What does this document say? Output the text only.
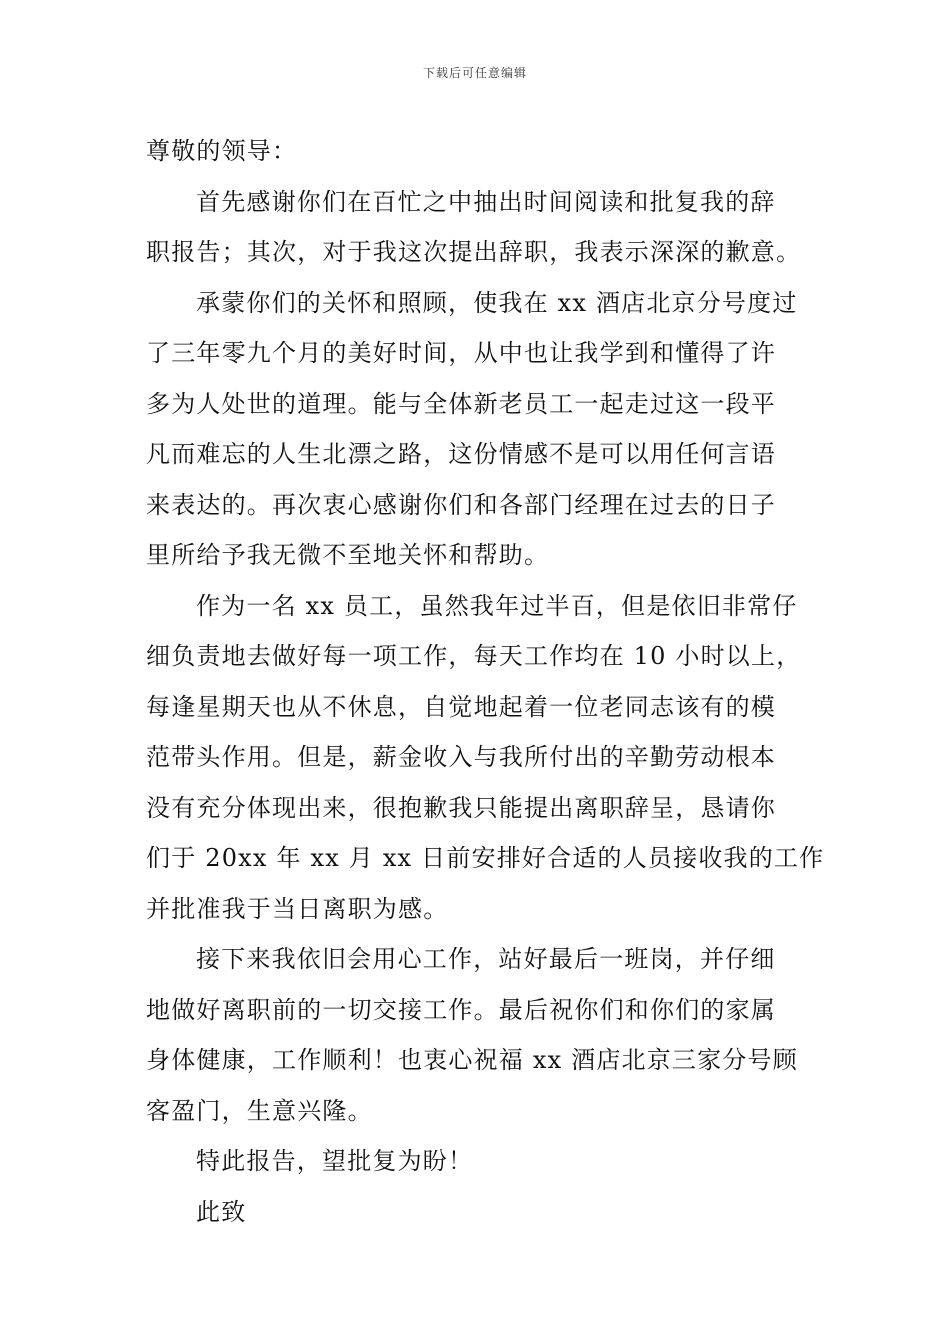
下载后可任意编辑
尊敬的领导：
首先感谢你们在百忙之中抽出时间阅读和批复我的辞
职报告；其次，对于我这次提出辞职，我表示深深的歉意。
承蒙你们的关怀和照顾，使我在 xx 酒店北京分号度过
了三年零九个月的美好时间，从中也让我学到和懂得了许
多为人处世的道理。能与全体新老员工一起走过这一段平
凡而难忘的人生北漂之路，这份情感不是可以用任何言语
来表达的。再次衷心感谢你们和各部门经理在过去的日子
里所给予我无微不至地关怀和帮助。
作为一名 xx 员工，虽然我年过半百，但是依旧非常仔
细负责地去做好每一项工作，每天工作均在 10 小时以上，
每逢星期天也从不休息，自觉地起着一位老同志该有的模
范带头作用。但是，薪金收入与我所付出的辛勤劳动根本
没有充分体现出来，很抱歉我只能提出离职辞呈，恳请你
们于 20xx 年 xx 月 xx 日前安排好合适的人员接收我的工作
并批准我于当日离职为感。
接下来我依旧会用心工作，站好最后一班岗，并仔细
地做好离职前的一切交接工作。最后祝你们和你们的家属
身体健康，工作顺利！也衷心祝福 xx 酒店北京三家分号顾
客盈门，生意兴隆。
特此报告，望批复为盼！
此致
